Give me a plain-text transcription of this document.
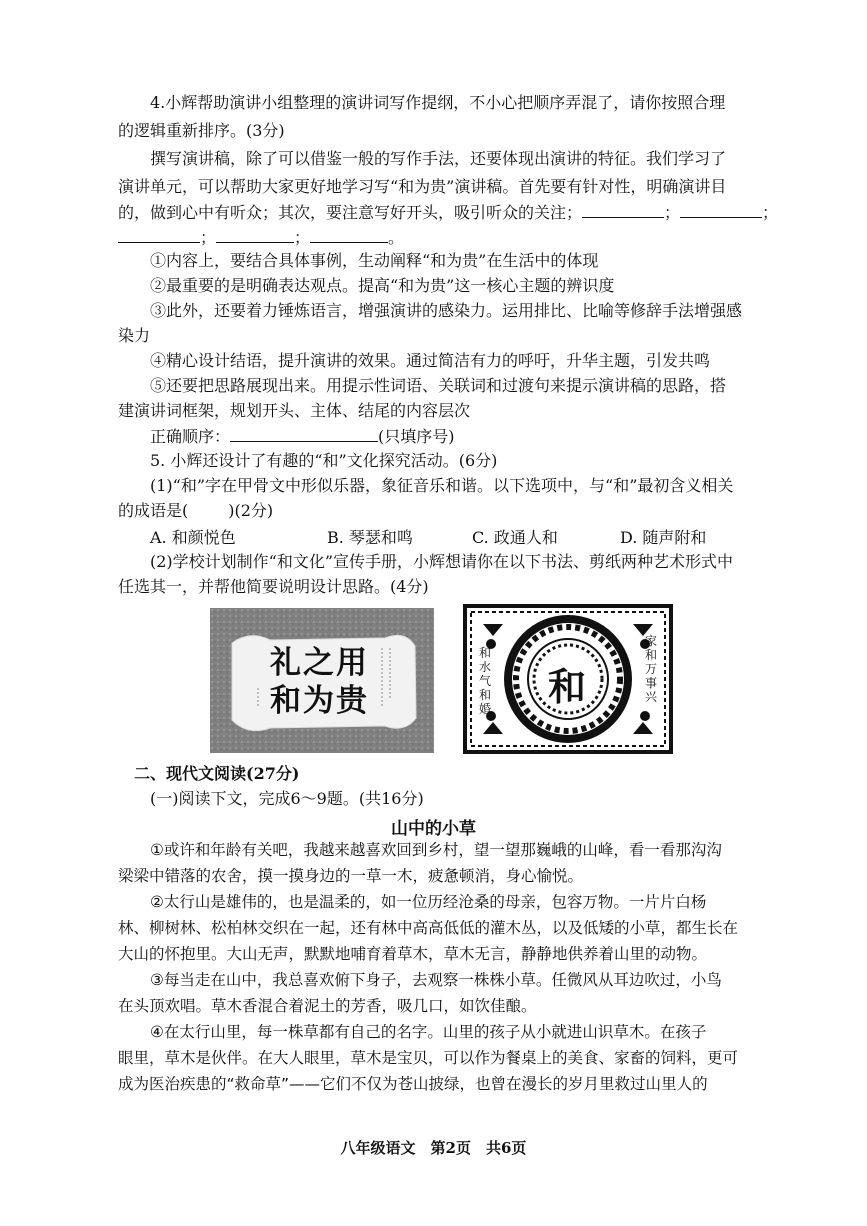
4.小辉帮助演讲小组整理的演讲词写作提纲，不小心把顺序弄混了，请你按照合理
的逻辑重新排序。(3分)
撰写演讲稿，除了可以借鉴一般的写作手法，还要体现出演讲的特征。我们学习了
演讲单元，可以帮助大家更好地学习写“和为贵”演讲稿。首先要有针对性，明确演讲目
的，做到心中有听众；其次，要注意写好开头，吸引听众的关注；	；	；
；	；	。
①内容上，要结合具体事例，生动阐释“和为贵”在生活中的体现
②最重要的是明确表达观点。提高“和为贵”这一核心主题的辨识度
③此外，还要着力锤炼语言，增强演讲的感染力。运用排比、比喻等修辞手法增强感
染力
④精心设计结语，提升演讲的效果。通过简洁有力的呼吁，升华主题，引发共鸣
⑤还要把思路展现出来。用提示性词语、关联词和过渡句来提示演讲稿的思路，搭
建演讲词框架，规划开头、主体、结尾的内容层次
正确顺序：	(只填序号)
5. 小辉还设计了有趣的“和”文化探究活动。(6分)
(1)“和”字在甲骨文中形似乐器，象征音乐和谐。以下选项中，与“和”最初含义相关
的成语是(	)(2分)
A. 和颜悦色	B. 琴瑟和鸣	C. 政通人和	D. 随声附和
(2)学校计划制作“和文化”宣传手册，小辉想请你在以下书法、剪纸两种艺术形式中
任选其一，并帮他简要说明设计思路。(4分)
礼之用
和为贵	和
和水气和婚
家和万事兴
二、现代文阅读(27分)
(一)阅读下文，完成6～9题。(共16分)
山中的小草
①或许和年龄有关吧，我越来越喜欢回到乡村，望一望那巍峨的山峰，看一看那沟沟
梁梁中错落的农舍，摸一摸身边的一草一木，疲惫顿消，身心愉悦。
②太行山是雄伟的，也是温柔的，如一位历经沧桑的母亲，包容万物。一片片白杨
林、柳树林、松柏林交织在一起，还有林中高高低低的灌木丛，以及低矮的小草，都生长在
大山的怀抱里。大山无声，默默地哺育着草木，草木无言，静静地供养着山里的动物。
③每当走在山中，我总喜欢俯下身子，去观察一株株小草。任微风从耳边吹过，小鸟
在头顶欢唱。草木香混合着泥土的芳香，吸几口，如饮佳酿。
④在太行山里，每一株草都有自己的名字。山里的孩子从小就进山识草木。在孩子
眼里，草木是伙伴。在大人眼里，草木是宝贝，可以作为餐桌上的美食、家畜的饲料，更可
成为医治疾患的“救命草”——它们不仅为苍山披绿，也曾在漫长的岁月里救过山里人的
八年级语文　第2页　共6页
